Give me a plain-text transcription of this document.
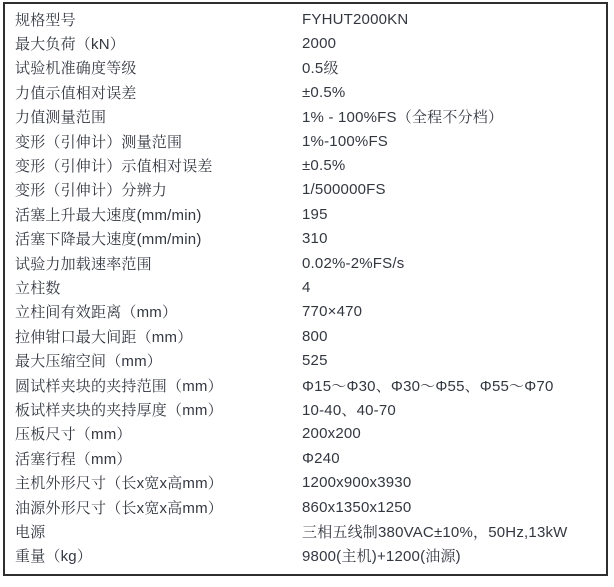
规格型号	FYHUT2000KN
最大负荷（kN）	2000
试验机准确度等级	0.5级
力值示值相对误差	±0.5%
力值测量范围	1% - 100%FS（全程不分档）
变形（引伸计）测量范围	1%-100%FS
变形（引伸计）示值相对误差	±0.5%
变形（引伸计）分辨力	1/500000FS
活塞上升最大速度(mm/min)	195
活塞下降最大速度(mm/min)	310
试验力加载速率范围	0.02%-2%FS/s
立柱数	4
立柱间有效距离（mm）	770×470
拉伸钳口最大间距（mm）	800
最大压缩空间（mm）	525
圆试样夹块的夹持范围（mm）	Φ15～Φ30、Φ30～Φ55、Φ55～Φ70
板试样夹块的夹持厚度（mm）	10-40、40-70
压板尺寸（mm）	200x200
活塞行程（mm）	Φ240
主机外形尺寸（长x宽x高mm）	1200x900x3930
油源外形尺寸（长x宽x高mm）	860x1350x1250
电源	三相五线制380VAC±10%，50Hz,13kW
重量（kg）	9800(主机)+1200(油源)
